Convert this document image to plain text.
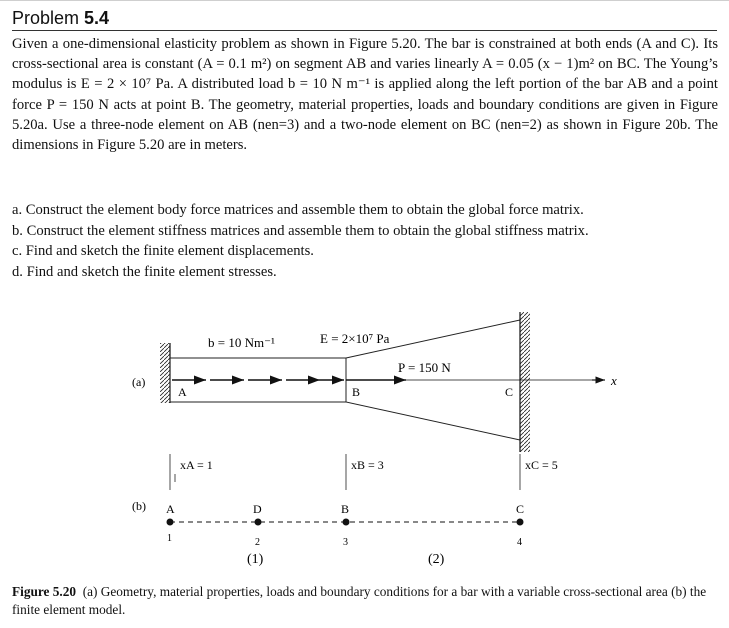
Problem 5.4
Given a one-dimensional elasticity problem as shown in Figure 5.20. The bar is constrained at both ends (A and C). Its cross-sectional area is constant (A = 0.1 m²) on segment AB and varies linearly A = 0.05 (x − 1)m² on BC. The Young’s modulus is E = 2 × 10⁷ Pa. A distributed load b = 10 N m⁻¹ is applied along the left portion of the bar AB and a point force P = 150 N acts at point B. The geometry, material properties, loads and boundary conditions are given in Figure 5.20a. Use a three-node element on AB (nen=3) and a two-node element on BC (nen=2) as shown in Figure 20b. The dimensions in Figure 5.20 are in meters.
a. Construct the element body force matrices and assemble them to obtain the global force matrix.
b. Construct the element stiffness matrices and assemble them to obtain the global stiffness matrix.
c. Find and sketch the finite element displacements.
d. Find and sketch the finite element stresses.
(a)	x
A	B	C
b = 10 Nm⁻¹	E = 2×10⁷ Pa
P = 150 N
(b)
xA = 1	xB = 3	xC = 5
A	D	B	C
1	2	3	4
(1)	(2)
Figure 5.20 (a) Geometry, material properties, loads and boundary conditions for a bar with a variable cross-sectional area (b) the finite element model.
